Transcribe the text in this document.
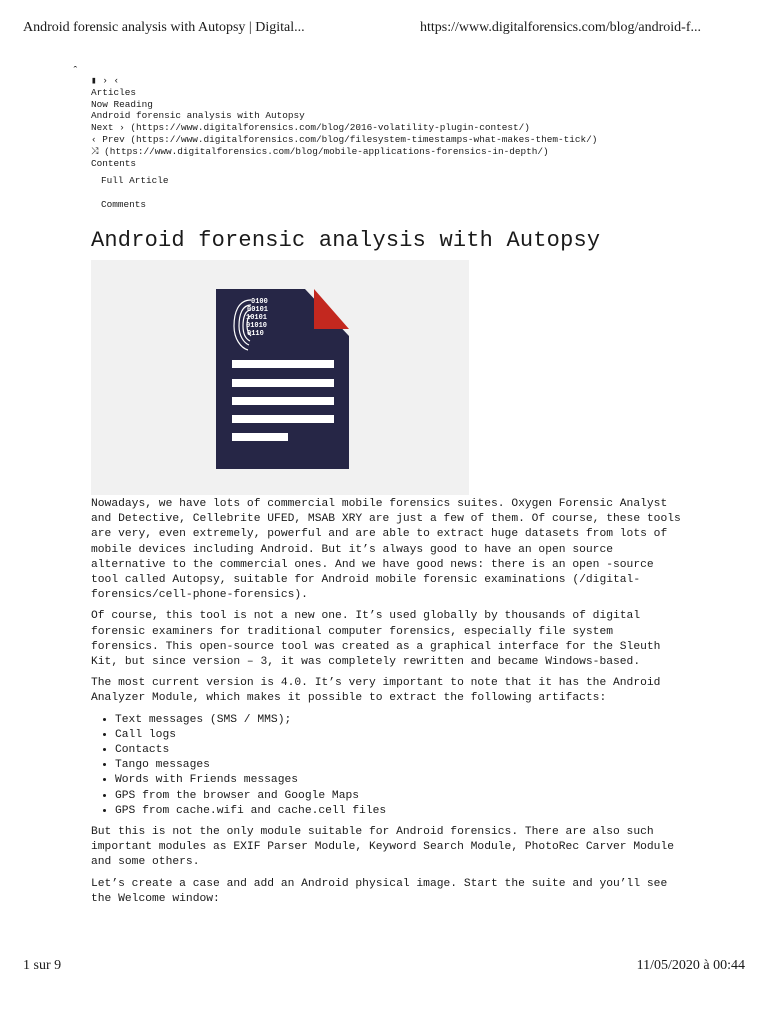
Android forensic analysis with Autopsy | Digital...	https://www.digitalforensics.com/blog/android-f...
ˆ
▮ › ‹
Articles
Now Reading
Android forensic analysis with Autopsy
Next › (https://www.digitalforensics.com/blog/2016-volatility-plugin-contest/)
‹ Prev (https://www.digitalforensics.com/blog/filesystem-timestamps-what-makes-them-tick/)
⤨ (https://www.digitalforensics.com/blog/mobile-applications-forensics-in-depth/)
Contents
Full Article
Comments
Android forensic analysis with Autopsy
0100
00101
10101
01010
0110

Nowadays, we have lots of commercial mobile forensics suites. Oxygen Forensic Analyst and Detective, Cellebrite UFED, MSAB XRY are just a few of them. Of course, these tools are very, even extremely, powerful and are able to extract huge datasets from lots of mobile devices including Android. But it’s always good to have an open source alternative to the commercial ones. And we have good news: there is an open -source tool called Autopsy, suitable for Android mobile forensic examinations (/digital-forensics/cell-phone-forensics).

Of course, this tool is not a new one. It’s used globally by thousands of digital forensic examiners for traditional computer forensics, especially file system forensics. This open-source tool was created as a graphical interface for the Sleuth Kit, but since version – 3, it was completely rewritten and became Windows-based.

The most current version is 4.0. It’s very important to note that it has the Android Analyzer Module, which makes it possible to extract the following artifacts:

• Text messages (SMS / MMS);
• Call logs
• Contacts
• Tango messages
• Words with Friends messages
• GPS from the browser and Google Maps
• GPS from cache.wifi and cache.cell files

But this is not the only module suitable for Android forensics. There are also such important modules as EXIF Parser Module, Keyword Search Module, PhotoRec Carver Module and some others.

Let’s create a case and add an Android physical image. Start the suite and you’ll see the Welcome window:

1 sur 9	11/05/2020 à 00:44
